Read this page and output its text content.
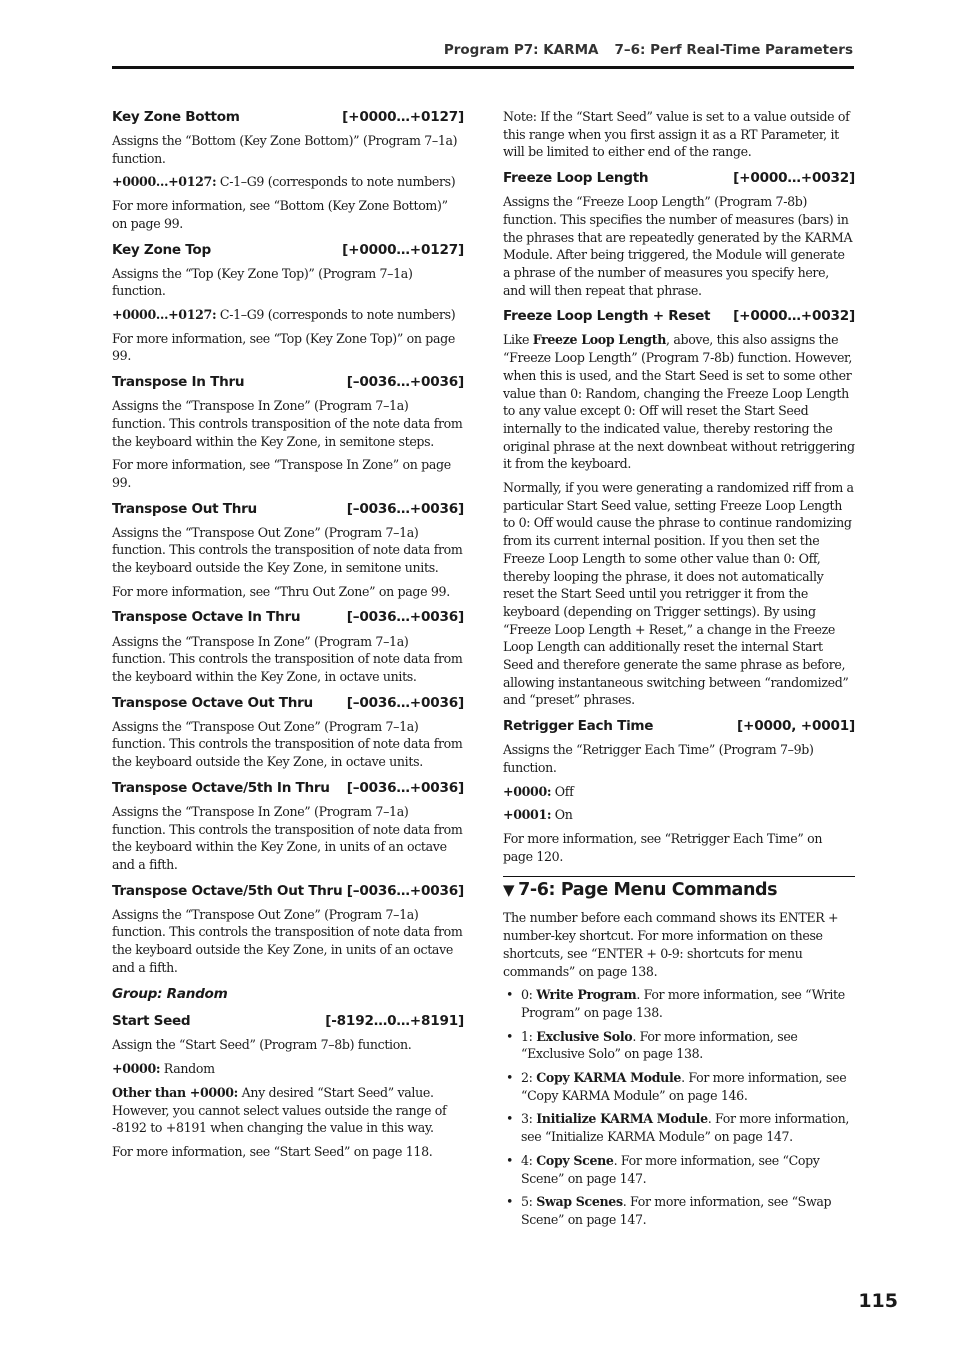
Program P7: KARMA 7–6: Perf Real-Time Parameters
Key Zone Bottom	[+0000…+0127]
Assigns the “Bottom (Key Zone Bottom)” (Program 7–1a) function.
+0000…+0127: C-1–G9 (corresponds to note numbers)
For more information, see “Bottom (Key Zone Bottom)” on page 99.
Key Zone Top	[+0000…+0127]
Assigns the “Top (Key Zone Top)” (Program 7–1a) function.
+0000…+0127: C-1–G9 (corresponds to note numbers)
For more information, see “Top (Key Zone Top)” on page 99.
Transpose In Thru	[–0036…+0036]
Assigns the “Transpose In Zone” (Program 7–1a) function. This controls transposition of the note data from the keyboard within the Key Zone, in semitone steps.
For more information, see “Transpose In Zone” on page 99.
Transpose Out Thru	[–0036…+0036]
Assigns the “Transpose Out Zone” (Program 7–1a) function. This controls the transposition of note data from the keyboard outside the Key Zone, in semitone units.
For more information, see “Thru Out Zone” on page 99.
Transpose Octave In Thru	[–0036…+0036]
Assigns the “Transpose In Zone” (Program 7–1a) function. This controls the transposition of note data from the keyboard within the Key Zone, in octave units.
Transpose Octave Out Thru [–0036…+0036]
Assigns the “Transpose Out Zone” (Program 7–1a) function. This controls the transposition of note data from the keyboard outside the Key Zone, in octave units.
Transpose Octave/5th In Thru [–0036…+0036]
Assigns the “Transpose In Zone” (Program 7–1a) function. This controls the transposition of note data from the keyboard within the Key Zone, in units of an octave and a fifth.
Transpose Octave/5th Out Thru [–0036…+0036]
Assigns the “Transpose Out Zone” (Program 7–1a) function. This controls the transposition of note data from the keyboard outside the Key Zone, in units of an octave and a fifth.
Group: Random
Start Seed	[-8192…0…+8191]
Assign the “Start Seed” (Program 7–8b) function.
+0000: Random
Other than +0000: Any desired “Start Seed” value. However, you cannot select values outside the range of -8192 to +8191 when changing the value in this way.
For more information, see “Start Seed” on page 118.
Note: If the “Start Seed” value is set to a value outside of this range when you first assign it as a RT Parameter, it will be limited to either end of the range.
Freeze Loop Length	[+0000…+0032]
Assigns the “Freeze Loop Length” (Program 7-8b) function. This specifies the number of measures (bars) in the phrases that are repeatedly generated by the KARMA Module. After being triggered, the Module will generate a phrase of the number of measures you specify here, and will then repeat that phrase.
Freeze Loop Length + Reset [+0000…+0032]
Like Freeze Loop Length, above, this also assigns the “Freeze Loop Length” (Program 7-8b) function. However, when this is used, and the Start Seed is set to some other value than 0: Random, changing the Freeze Loop Length to any value except 0: Off will reset the Start Seed internally to the indicated value, thereby restoring the original phrase at the next downbeat without retriggering it from the keyboard.
Normally, if you were generating a randomized riff from a particular Start Seed value, setting Freeze Loop Length to 0: Off would cause the phrase to continue randomizing from its current internal position. If you then set the Freeze Loop Length to some other value than 0: Off, thereby looping the phrase, it does not automatically reset the Start Seed until you retrigger it from the keyboard (depending on Trigger settings). By using “Freeze Loop Length + Reset,” a change in the Freeze Loop Length can additionally reset the internal Start Seed and therefore generate the same phrase as before, allowing instantaneous switching between “randomized” and “preset” phrases.
Retrigger Each Time	[+0000, +0001]
Assigns the “Retrigger Each Time” (Program 7–9b) function.
+0000: Off
+0001: On
For more information, see “Retrigger Each Time” on page 120.
▼ 7-6: Page Menu Commands
The number before each command shows its ENTER + number-key shortcut. For more information on these shortcuts, see “ENTER + 0-9: shortcuts for menu commands” on page 138.
• 0: Write Program. For more information, see “Write Program” on page 138.
• 1: Exclusive Solo. For more information, see “Exclusive Solo” on page 138.
• 2: Copy KARMA Module. For more information, see “Copy KARMA Module” on page 146.
• 3: Initialize KARMA Module. For more information, see “Initialize KARMA Module” on page 147.
• 4: Copy Scene. For more information, see “Copy Scene” on page 147.
• 5: Swap Scenes. For more information, see “Swap Scene” on page 147.
115
